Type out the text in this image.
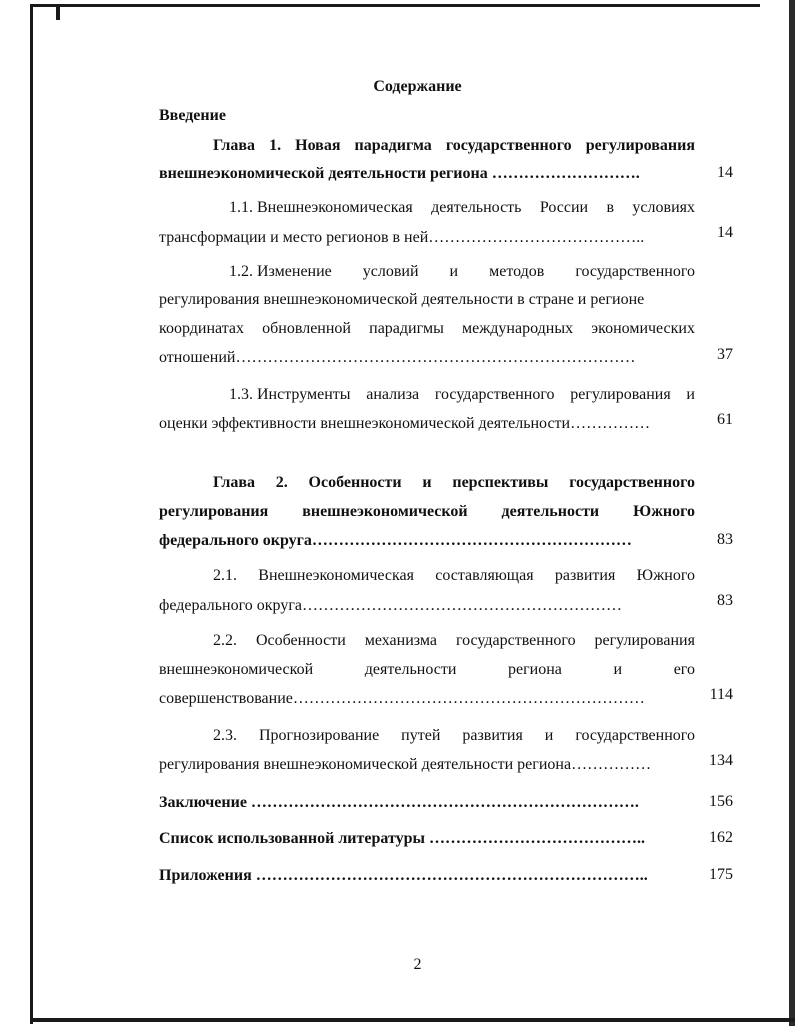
Содержание
Введение
Глава 1. Новая парадигма государственного регулирования
внешнеэкономической деятельности региона ……………………….	14
1.1. Внешнеэкономическая деятельность России в условиях
трансформации и место регионов в ней…………………………………..	14
1.2. Изменение условий и методов государственного
регулирования внешнеэкономической деятельности в стране и регионе
координатах обновленной парадигмы международных экономических
отношений…………………………………………………………………	37
1.3. Инструменты анализа государственного регулирования и
оценки эффективности внешнеэкономической деятельности……………	61
Глава 2. Особенности и перспективы государственного
регулирования внешнеэкономической деятельности Южного
федерального округа……………………………………………………	83
2.1. Внешнеэкономическая составляющая развития Южного
федерального округа……………………………………………………	83
2.2. Особенности механизма государственного регулирования
внешнеэкономической	деятельности	региона	и	его
совершенствование…………………………………………………………	114
2.3. Прогнозирование путей развития и государственного
регулирования внешнеэкономической деятельности региона……………	134
Заключение ……………………………………………………………….	156
Список использованной литературы …………………………………..	162
Приложения ………………………………………………………………..	175
2
